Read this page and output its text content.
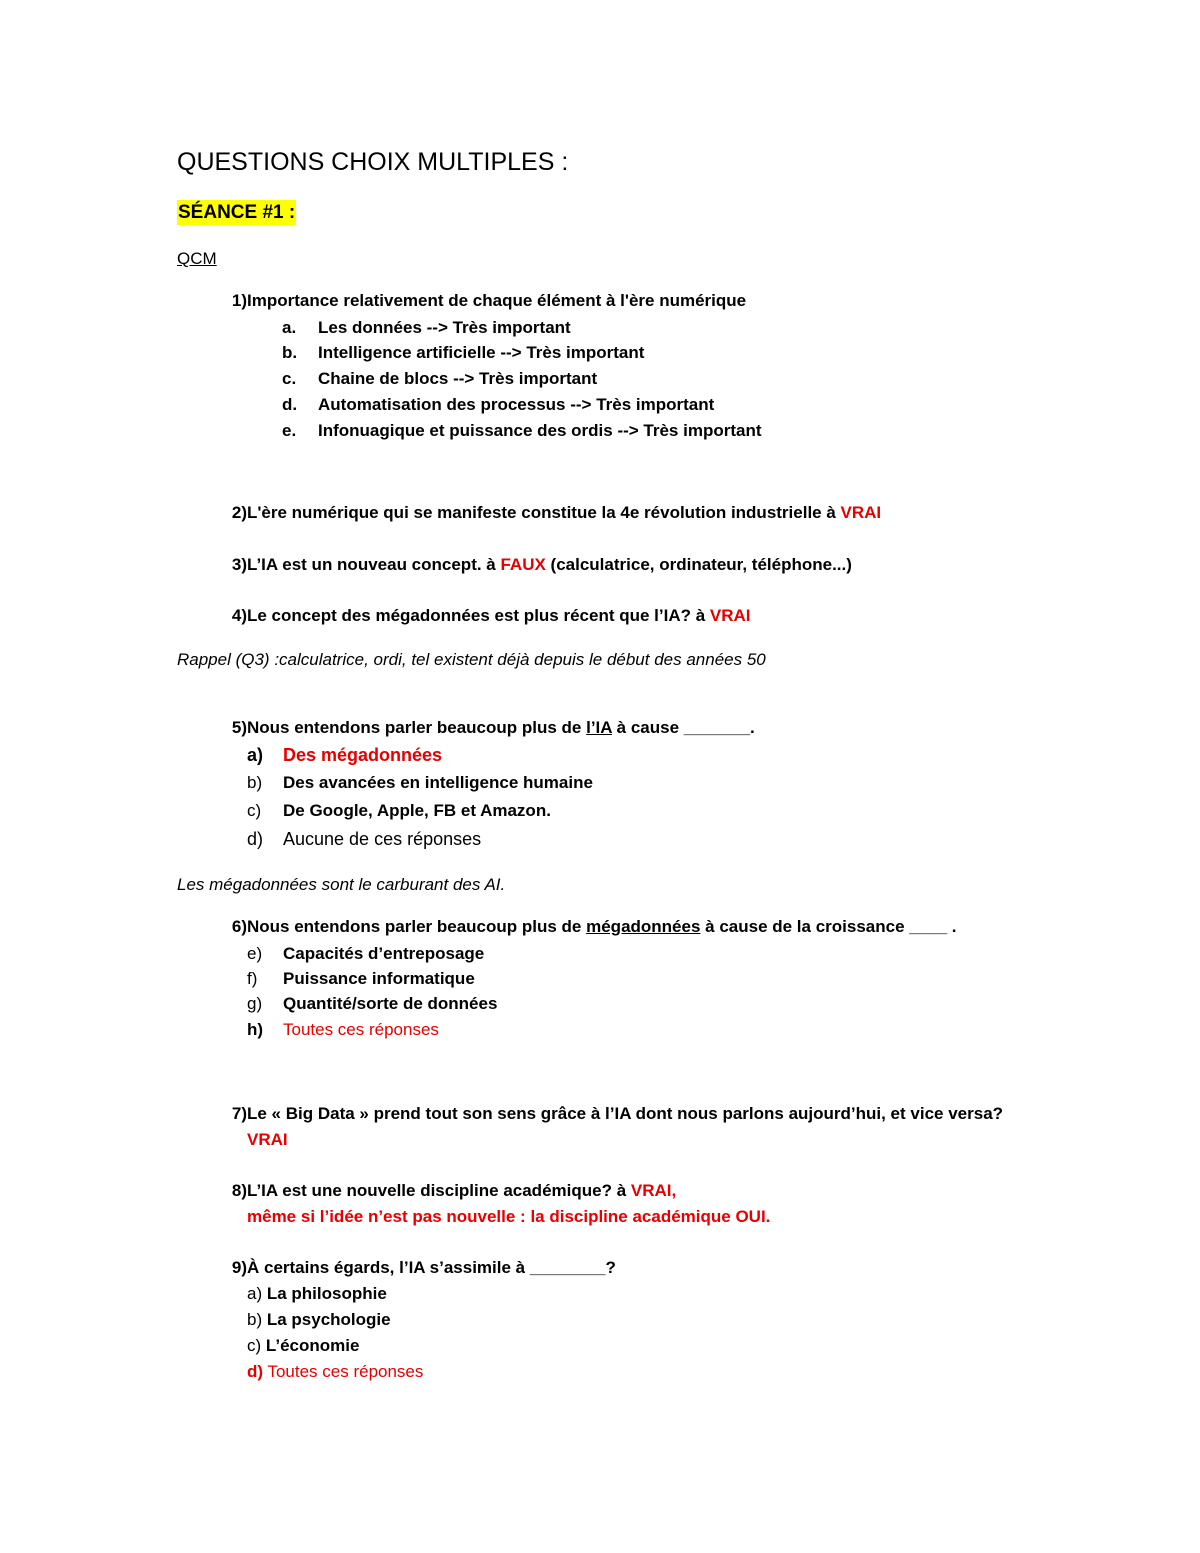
QUESTIONS CHOIX MULTIPLES :
SÉANCE #1 :
QCM
1) Importance relativement de chaque élément à l'ère numérique
a. Les données --> Très important
b. Intelligence artificielle --> Très important
c. Chaine de blocs --> Très important
d. Automatisation des processus --> Très important
e. Infonuagique et puissance des ordis --> Très important
2) L'ère numérique qui se manifeste constitue la 4e révolution industrielle à VRAI
3) L’IA est un nouveau concept. à FAUX (calculatrice, ordinateur, téléphone...)
4) Le concept des mégadonnées est plus récent que l’IA? à VRAI
Rappel (Q3) :calculatrice, ordi, tel existent déjà depuis le début des années 50
5) Nous entendons parler beaucoup plus de l’IA à cause _______.
a) Des mégadonnées
b) Des avancées en intelligence humaine
c) De Google, Apple, FB et Amazon.
d) Aucune de ces réponses
Les mégadonnées sont le carburant des AI.
6) Nous entendons parler beaucoup plus de mégadonnées à cause de la croissance ____ .
e) Capacités d’entreposage
f) Puissance informatique
g) Quantité/sorte de données
h) Toutes ces réponses
7) Le « Big Data » prend tout son sens grâce à l’IA dont nous parlons aujourd’hui, et vice versa?
VRAI
8) L’IA est une nouvelle discipline académique? à VRAI,
même si l’idée n’est pas nouvelle : la discipline académique OUI.
9) À certains égards, l’IA s’assimile à ________?
a) La philosophie
b) La psychologie
c) L’économie
d) Toutes ces réponses
